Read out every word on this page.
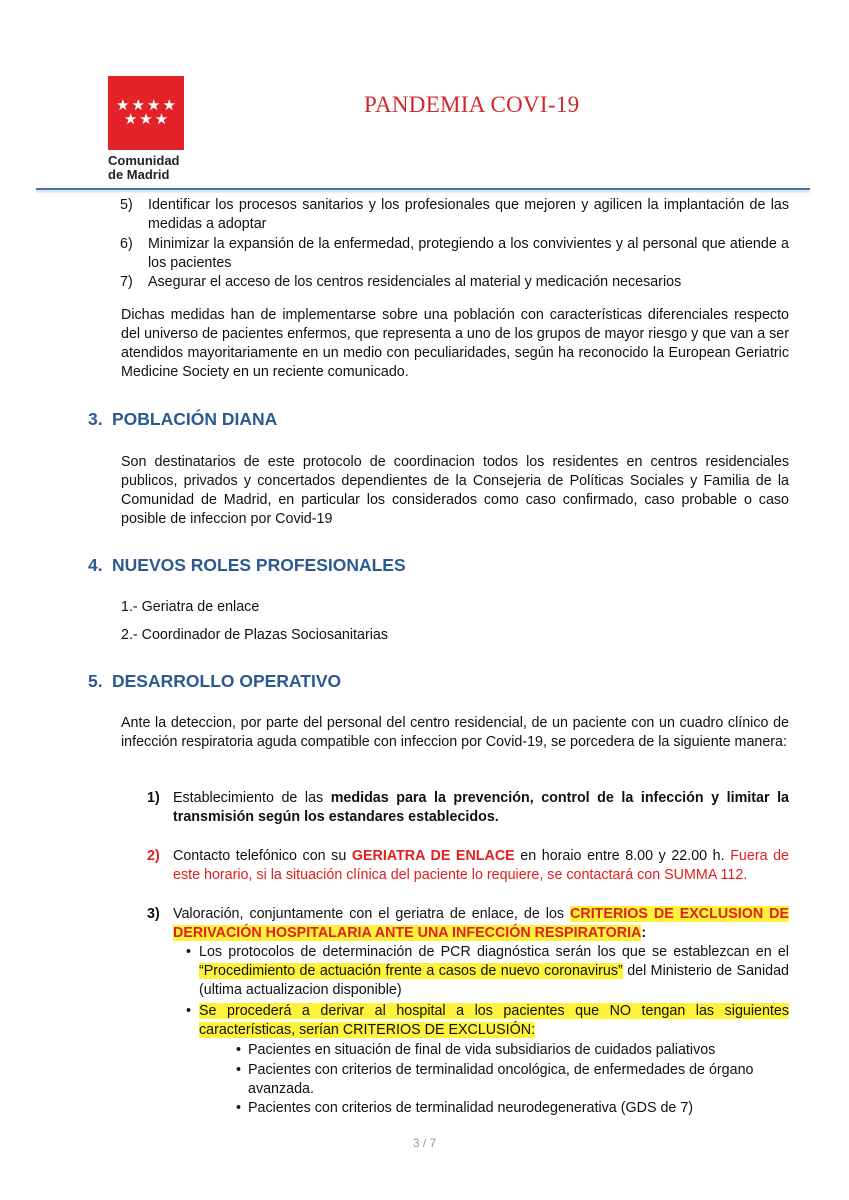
★ ★ ★ ★
★ ★ ★
Comunidad
de Madrid
PANDEMIA COVI-19
5) Identificar los procesos sanitarios y los profesionales que mejoren y agilicen la implantación de las medidas a adoptar
6) Minimizar la expansión de la enfermedad, protegiendo a los convivientes y al personal que atiende a los pacientes
7) Asegurar el acceso de los centros residenciales al material y medicación necesarios
Dichas medidas han de implementarse sobre una población con características diferenciales respecto del universo de pacientes enfermos, que representa a uno de los grupos de mayor riesgo y que van a ser atendidos mayoritariamente en un medio con peculiaridades, según ha reconocido la European Geriatric Medicine Society en un reciente comunicado.
3. POBLACIÓN DIANA
Son destinatarios de este protocolo de coordinacion todos los residentes en centros residenciales publicos, privados y concertados dependientes de la Consejeria de Políticas Sociales y Familia de la Comunidad de Madrid, en particular los considerados como caso confirmado, caso probable o caso posible de infeccion por Covid-19
4. NUEVOS ROLES PROFESIONALES
1.- Geriatra de enlace
2.- Coordinador de Plazas Sociosanitarias
5. DESARROLLO OPERATIVO
Ante la deteccion, por parte del personal del centro residencial, de un paciente con un cuadro clínico de infección respiratoria aguda compatible con infeccion por Covid-19, se porcedera de la siguiente manera:
1) Establecimiento de las medidas para la prevención, control de la infección y limitar la transmisión según los estandares establecidos.
2) Contacto telefónico con su GERIATRA DE ENLACE en horaio entre 8.00 y 22.00 h. Fuera de este horario, si la situación clínica del paciente lo requiere, se contactará con SUMMA 112.
3) Valoración, conjuntamente con el geriatra de enlace, de los CRITERIOS DE EXCLUSION DE DERIVACIÓN HOSPITALARIA ANTE UNA INFECCIÓN RESPIRATORIA:
• Los protocolos de determinación de PCR diagnóstica serán los que se establezcan en el “Procedimiento de actuación frente a casos de nuevo coronavirus” del Ministerio de Sanidad (ultima actualizacion disponible)
• Se procederá a derivar al hospital a los pacientes que NO tengan las siguientes características, serían CRITERIOS DE EXCLUSIÓN:
• Pacientes en situación de final de vida subsidiarios de cuidados paliativos
• Pacientes con criterios de terminalidad oncológica, de enfermedades de órgano avanzada.
• Pacientes con criterios de terminalidad neurodegenerativa (GDS de 7)
3 / 7
